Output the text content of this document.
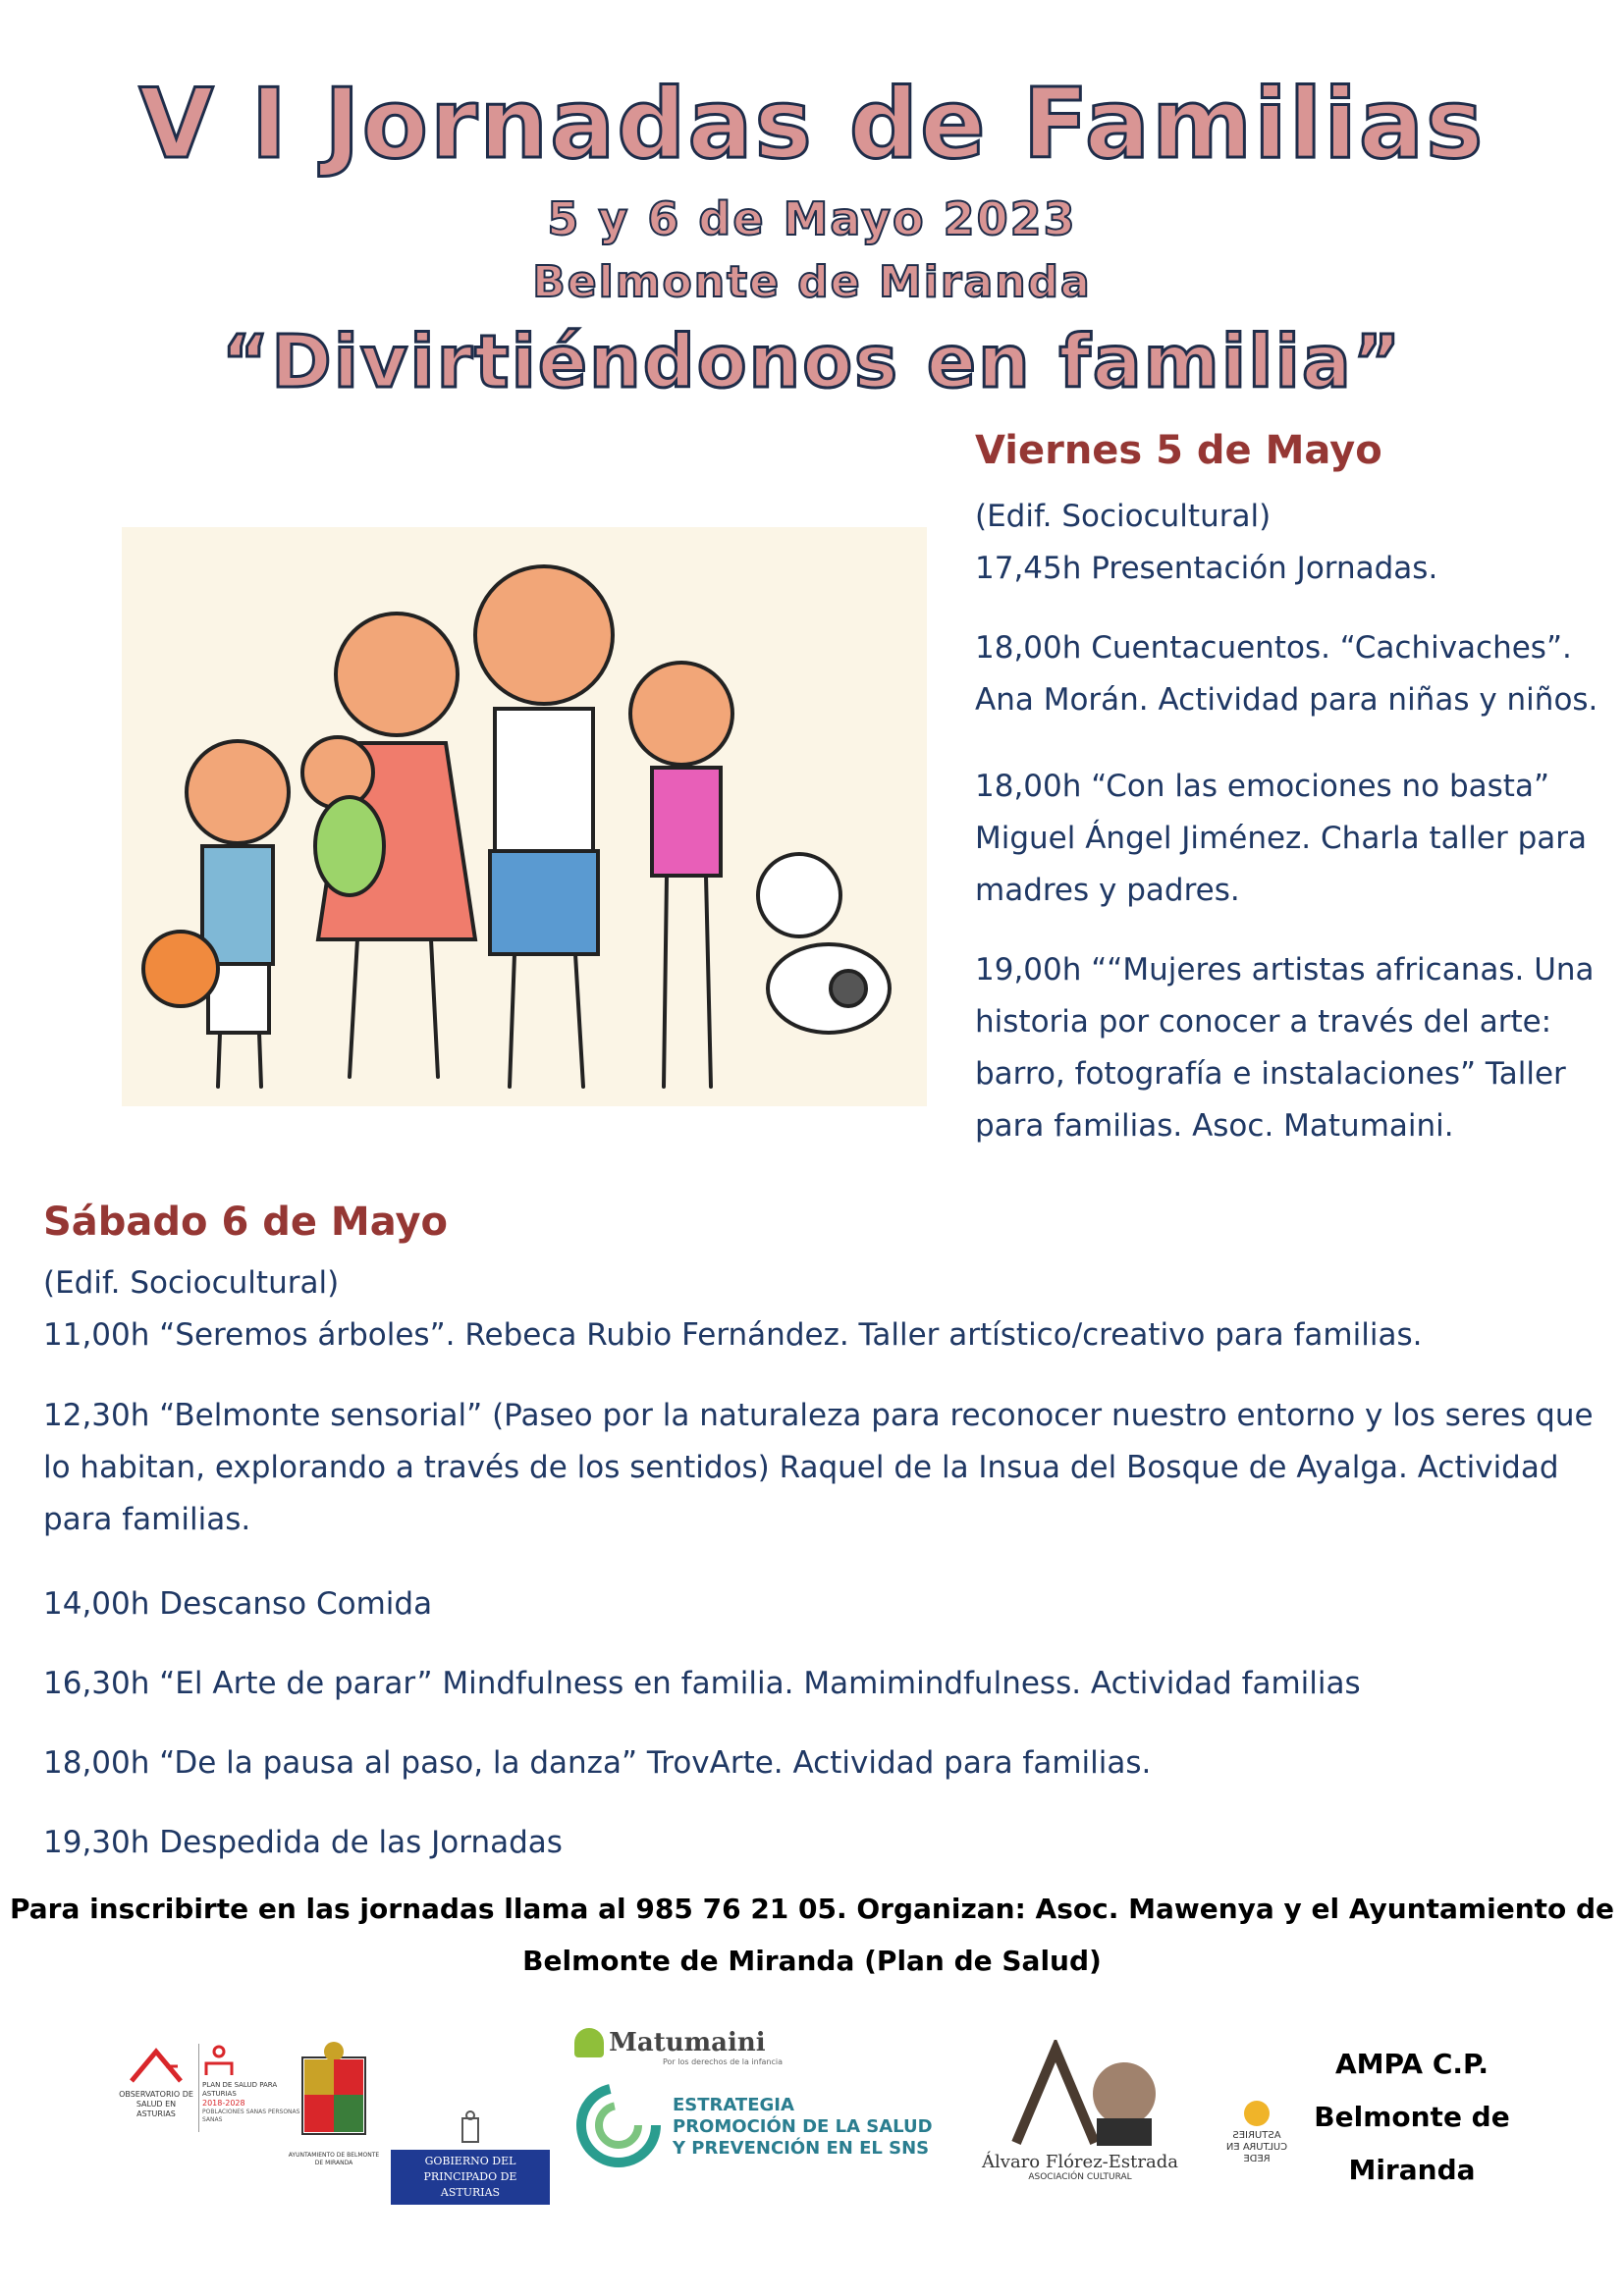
V I Jornadas de Familias
5 y 6 de Mayo 2023
Belmonte de Miranda
“Divirtiéndonos en familia”
Viernes 5 de Mayo

(Edif. Sociocultural)

17,45h Presentación Jornadas.

18,00h Cuentacuentos. “Cachivaches”. Ana Morán. Actividad para niñas y niños.

18,00h “Con las emociones no basta” Miguel Ángel Jiménez. Charla taller para madres y padres.

19,00h ““Mujeres artistas africanas. Una historia por conocer a través del arte: barro, fotografía e instalaciones” Taller para familias. Asoc. Matumaini.

Sábado 6 de Mayo

(Edif. Sociocultural)

11,00h “Seremos árboles”. Rebeca Rubio Fernández. Taller artístico/creativo para familias.

12,30h “Belmonte sensorial” (Paseo por la naturaleza para reconocer nuestro entorno y los seres que lo habitan, explorando a través de los sentidos) Raquel de la Insua del Bosque de Ayalga. Actividad para familias.

14,00h Descanso Comida

16,30h “El Arte de parar” Mindfulness en familia. Mamimindfulness. Actividad familias

18,00h “De la pausa al paso, la danza” TrovArte. Actividad para familias.

19,30h Despedida de las Jornadas

Para inscribirte en las jornadas llama al 985 76 21 05. Organizan: Asoc. Mawenya y el Ayuntamiento de Belmonte de Miranda (Plan de Salud)
OBSERVATORIO DE SALUD EN ASTURIAS
PLAN DE SALUD PARA ASTURIAS
2018-2028
POBLACIONES SANAS PERSONAS SANAS
AYUNTAMIENTO DE BELMONTE DE MIRANDA	GOBIERNO DEL PRINCIPADO DE ASTURIAS
Matumaini
Por los derechos de la infancia
ESTRATEGIA
PROMOCIÓN DE LA SALUD
Y PREVENCIÓN EN EL SNS
Álvaro Flórez-Estrada
ASOCIACIÓN CULTURAL
ASTURIES CULTURA EN REDE
AMPA C.P. Belmonte de Miranda
